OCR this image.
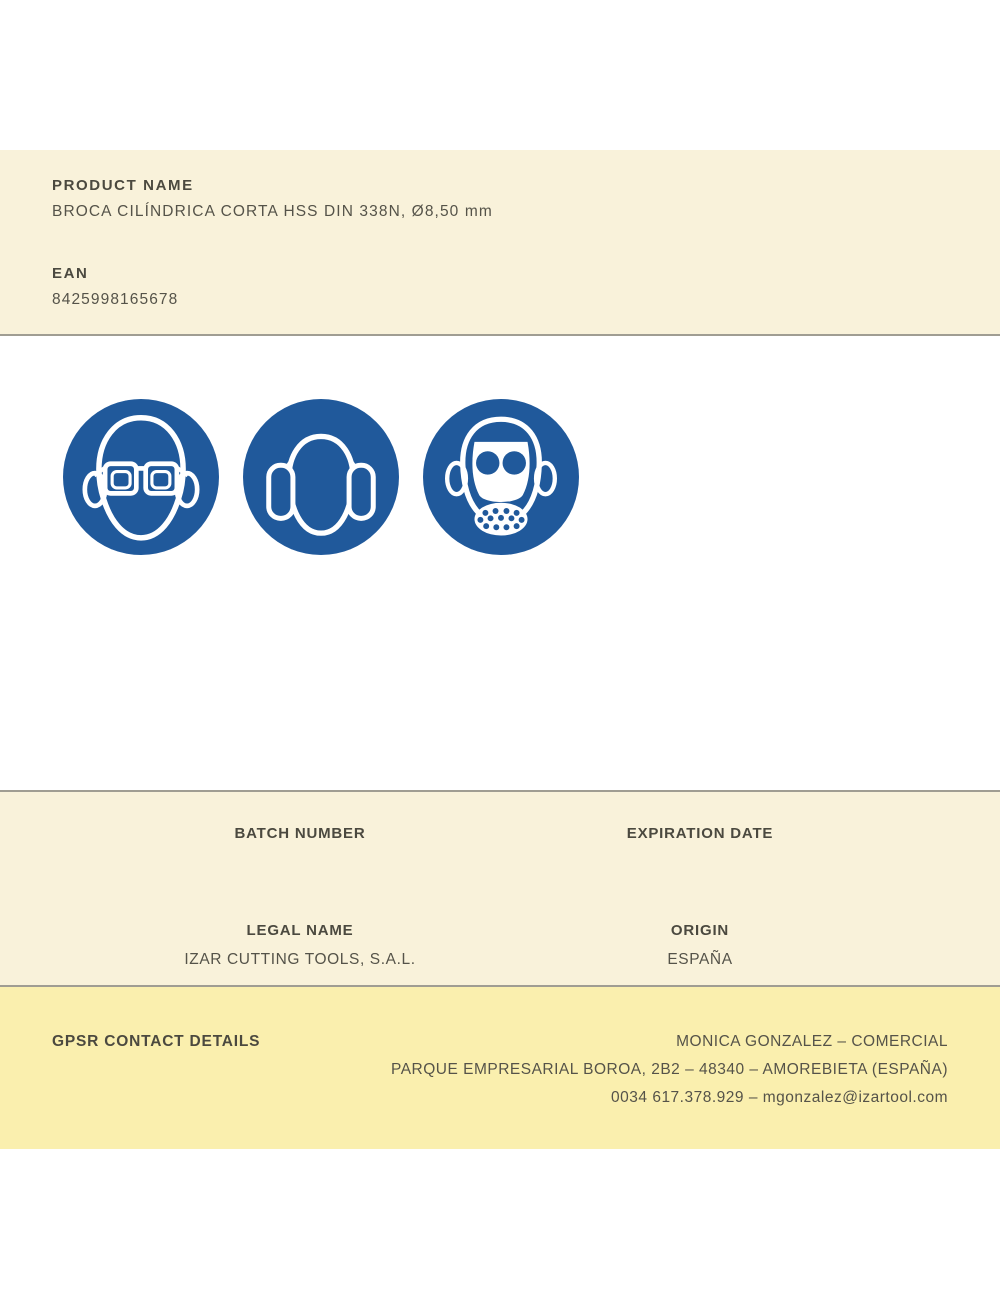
PRODUCT NAME
BROCA CILÍNDRICA CORTA HSS DIN 338N, Ø8,50 mm
EAN
8425998165678
BATCH NUMBER	EXPIRATION DATE
LEGAL NAME
IZAR CUTTING TOOLS, S.A.L.
ORIGIN
ESPAÑA
GPSR CONTACT DETAILS	MONICA GONZALEZ – COMERCIAL
PARQUE EMPRESARIAL BOROA, 2B2 – 48340 – AMOREBIETA (ESPAÑA)
0034 617.378.929 – mgonzalez@izartool.com
